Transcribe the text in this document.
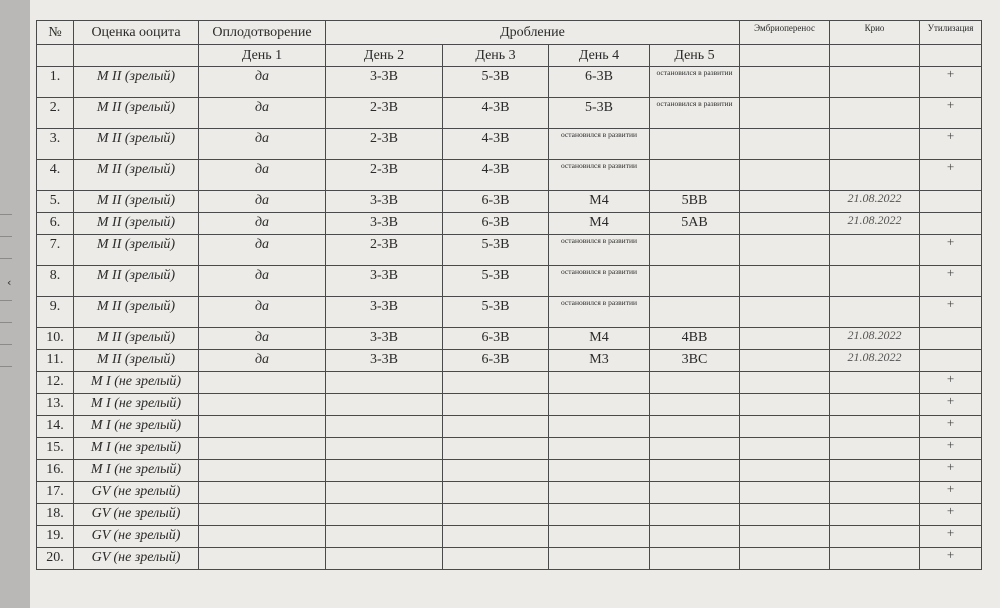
‹
№	Оценка ооцита	Оплодотворение	Дробление				Эмбриоперенос	Крио	Утилизация
		День 1	День 2	День 3	День 4	День 5			
1.	M II (зрелый)	да	3-3B	5-3B	6-3B	остановился в развитии			+
2.	M II (зрелый)	да	2-3B	4-3B	5-3B	остановился в развитии			+
3.	M II (зрелый)	да	2-3B	4-3B	остановился в развитии				+
4.	M II (зрелый)	да	2-3B	4-3B	остановился в развитии				+
5.	M II (зрелый)	да	3-3B	6-3B	M4	5BB		21.08.2022	
6.	M II (зрелый)	да	3-3B	6-3B	M4	5AB		21.08.2022	
7.	M II (зрелый)	да	2-3B	5-3B	остановился в развитии				+
8.	M II (зрелый)	да	3-3B	5-3B	остановился в развитии				+
9.	M II (зрелый)	да	3-3B	5-3B	остановился в развитии				+
10.	M II (зрелый)	да	3-3B	6-3B	M4	4BB		21.08.2022	
11.	M II (зрелый)	да	3-3B	6-3B	M3	3BC		21.08.2022	
12.	M I (не зрелый)								+
13.	M I (не зрелый)								+
14.	M I (не зрелый)								+
15.	M I (не зрелый)								+
16.	M I (не зрелый)								+
17.	GV (не зрелый)								+
18.	GV (не зрелый)								+
19.	GV (не зрелый)								+
20.	GV (не зрелый)								+
